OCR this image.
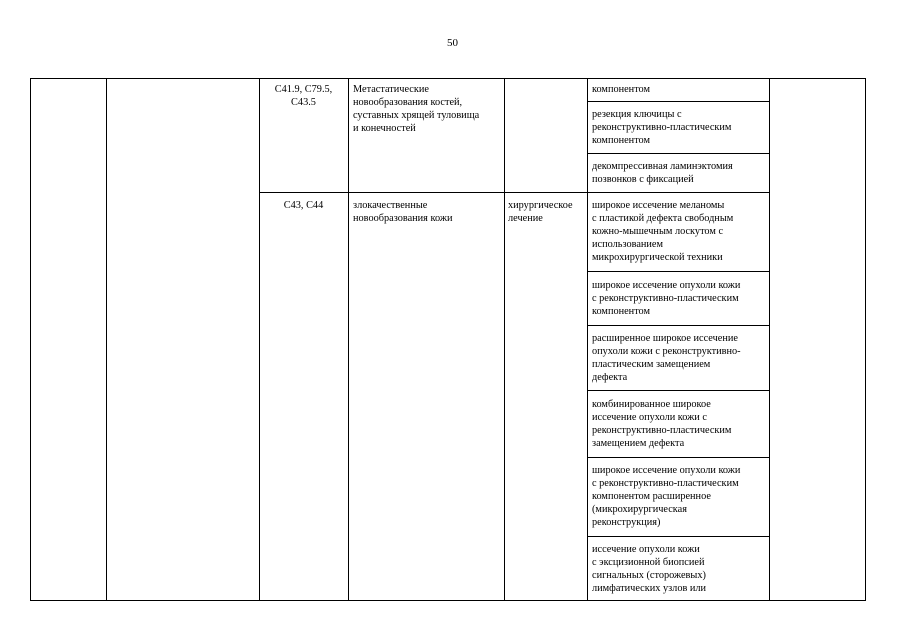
50
C41.9, C79.5,
C43.5
Метастатические
новообразования костей,
суставных хрящей туловища
и конечностей
компонентом
резекция ключицы с
реконструктивно-пластическим
компонентом
декомпрессивная ламинэктомия
позвонков с фиксацией
C43, C44	злокачественные
новообразования кожи
хирургическое
лечение
широкое иссечение меланомы
с пластикой дефекта свободным
кожно-мышечным лоскутом с
использованием
микрохирургической техники
широкое иссечение опухоли кожи
с реконструктивно-пластическим
компонентом
расширенное широкое иссечение
опухоли кожи с реконструктивно-
пластическим замещением
дефекта
комбинированное широкое
иссечение опухоли кожи с
реконструктивно-пластическим
замещением дефекта
широкое иссечение опухоли кожи
с реконструктивно-пластическим
компонентом расширенное
(микрохирургическая
реконструкция)
иссечение опухоли кожи
с эксцизионной биопсией
сигнальных (сторожевых)
лимфатических узлов или
